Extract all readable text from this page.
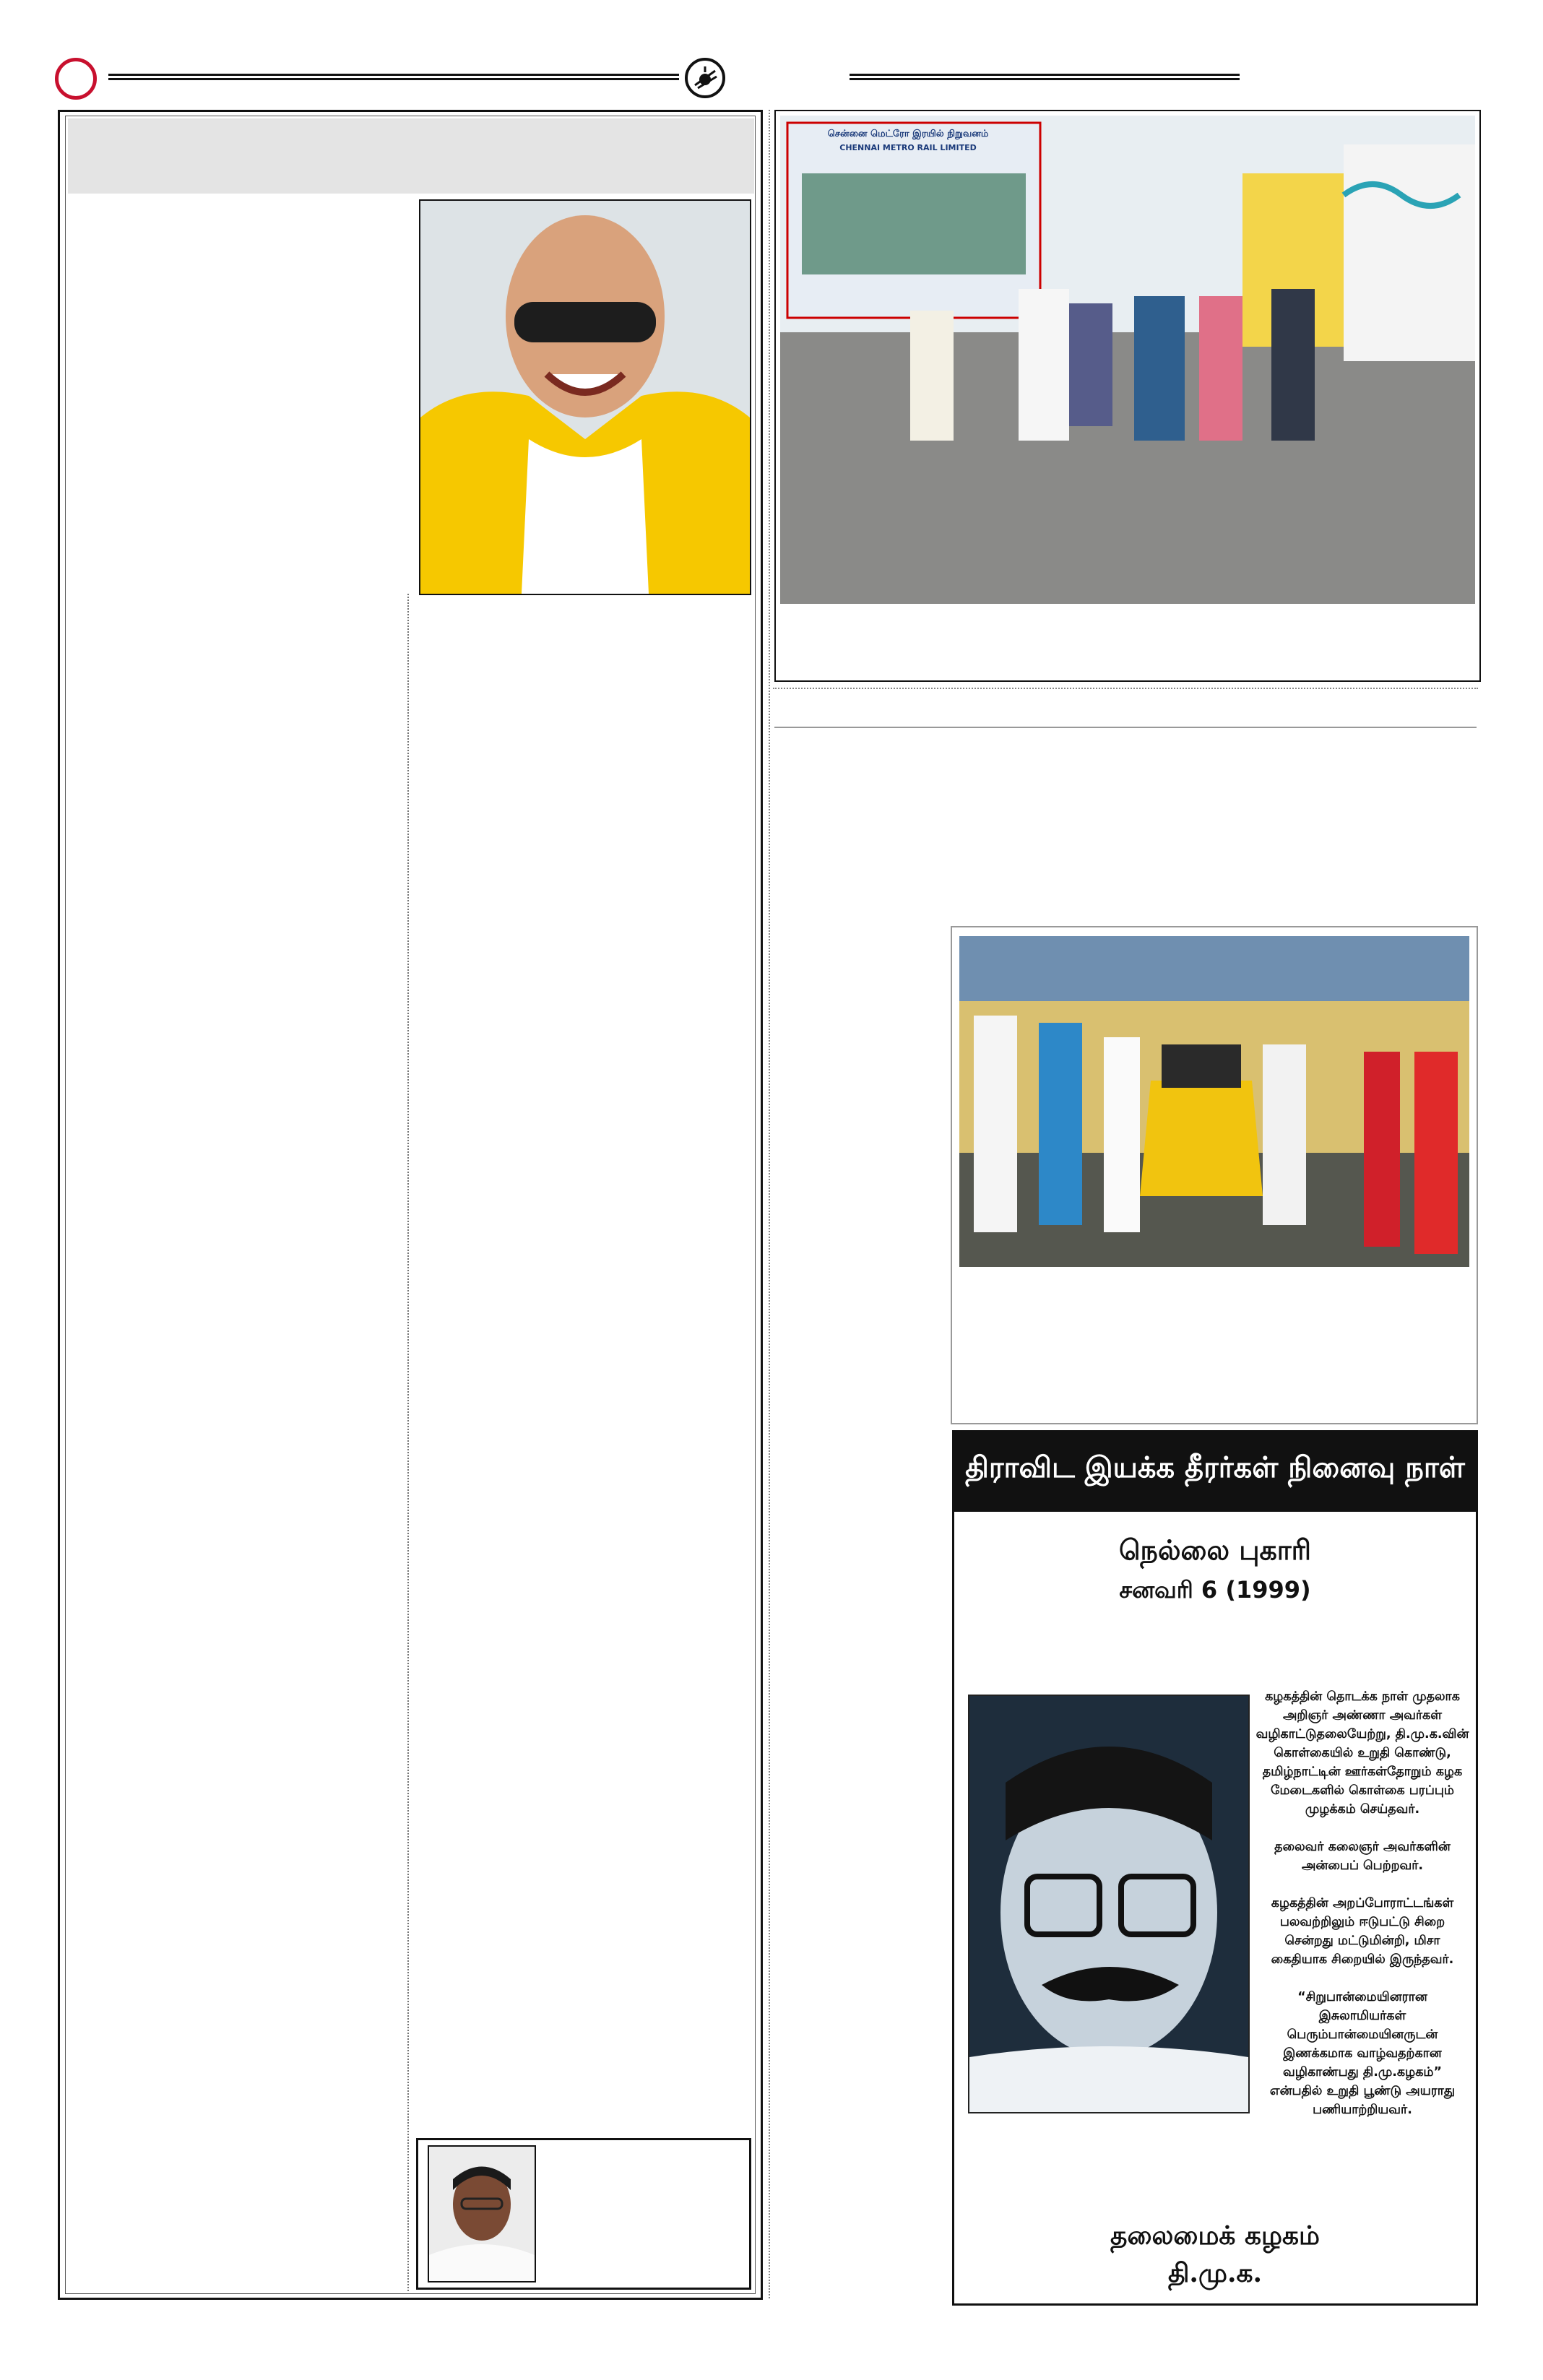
சென்னை மெட்ரோ இரயில் நிறுவனம்
CHENNAI METRO RAIL LIMITED
திராவிட இயக்க தீரர்கள் நினைவு நாள்
நெல்லை புகாரி
சனவரி 6 (1999)

கழகத்தின் தொடக்க நாள் முதலாக அறிஞர் அண்ணா அவர்கள் வழிகாட்டுதலையேற்று, தி.மு.க.வின் கொள்கையில் உறுதி கொண்டு, தமிழ்நாட்டின் ஊர்கள்தோறும் கழக மேடைகளில் கொள்கை பரப்பும் முழக்கம் செய்தவர்.

தலைவர் கலைஞர் அவர்களின் அன்பைப் பெற்றவர்.

கழகத்தின் அறப்போராட்டங்கள் பலவற்றிலும் ஈடுபட்டு சிறை சென்றது மட்டுமின்றி, மிசா கைதியாக சிறையில் இருந்தவர்.

“சிறுபான்மையினரான இசுலாமியர்கள் பெரும்பான்மையினருடன் இணக்கமாக வாழ்வதற்கான வழிகாண்பது தி.மு.கழகம்” என்பதில் உறுதி பூண்டு அயராது பணியாற்றியவர்.

தலைமைக் கழகம்
தி.மு.க.
